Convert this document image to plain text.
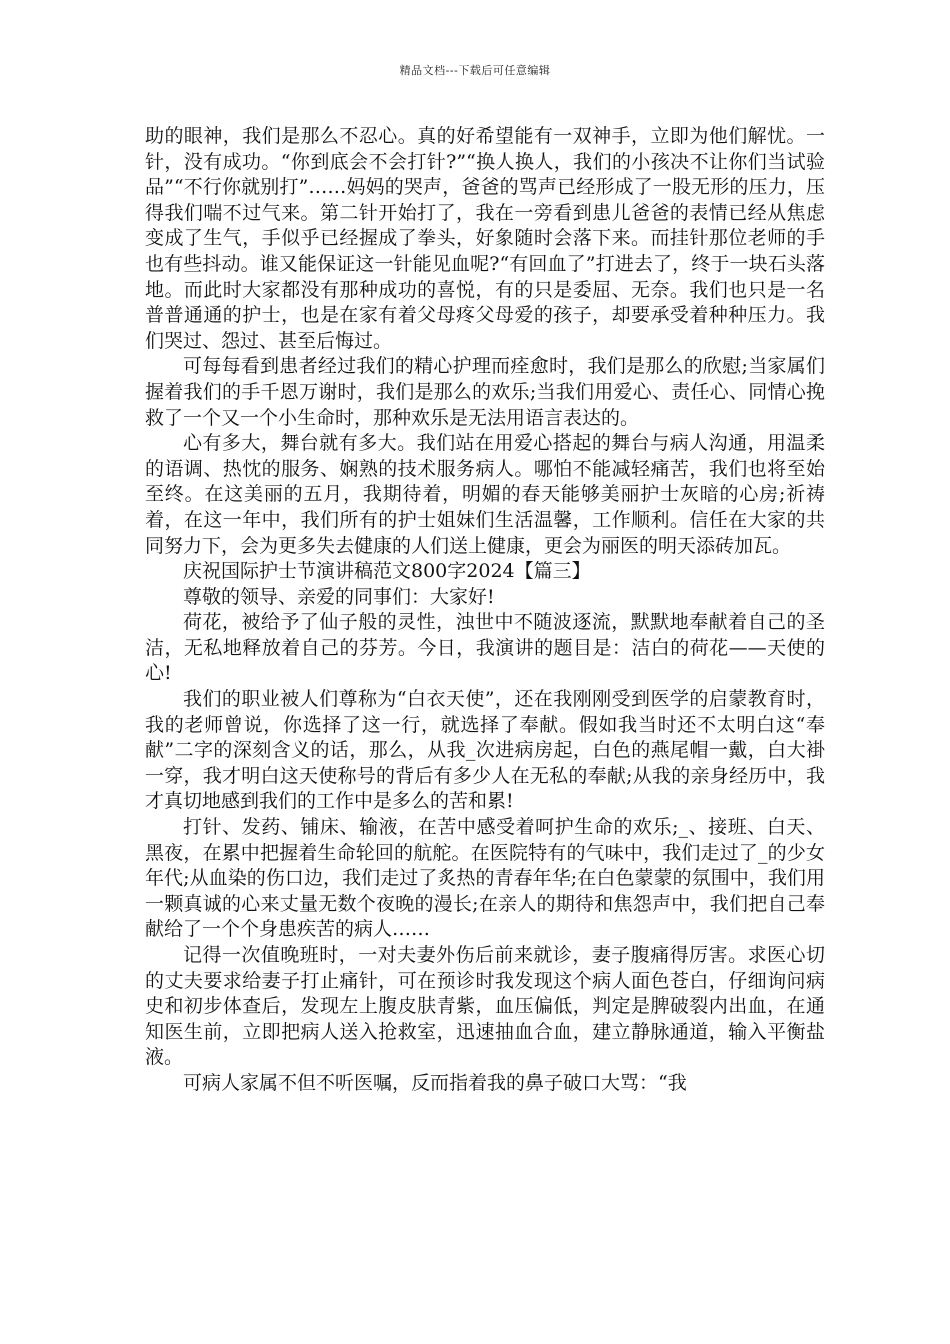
精品文档---下载后可任意编辑

助的眼神，我们是那么不忍心。真的好希望能有一双神手，立即为他们解忧。一针，没有成功。“你到底会不会打针?”“换人换人，我们的小孩决不让你们当试验品”“不行你就别打”……妈妈的哭声，爸爸的骂声已经形成了一股无形的压力，压得我们喘不过气来。第二针开始打了，我在一旁看到患儿爸爸的表情已经从焦虑变成了生气，手似乎已经握成了拳头，好象随时会落下来。而挂针那位老师的手也有些抖动。谁又能保证这一针能见血呢?“有回血了”打进去了，终于一块石头落地。而此时大家都没有那种成功的喜悦，有的只是委屈、无奈。我们也只是一名普普通通的护士，也是在家有着父母疼父母爱的孩子，却要承受着种种压力。我们哭过、怨过、甚至后悔过。

可每每看到患者经过我们的精心护理而痊愈时，我们是那么的欣慰;当家属们握着我们的手千恩万谢时，我们是那么的欢乐;当我们用爱心、责任心、同情心挽救了一个又一个小生命时，那种欢乐是无法用语言表达的。

心有多大，舞台就有多大。我们站在用爱心搭起的舞台与病人沟通，用温柔的语调、热忱的服务、娴熟的技术服务病人。哪怕不能减轻痛苦，我们也将至始至终。在这美丽的五月，我期待着，明媚的春天能够美丽护士灰暗的心房;祈祷着，在这一年中，我们所有的护士姐妹们生活温馨，工作顺利。信任在大家的共同努力下，会为更多失去健康的人们送上健康，更会为丽医的明天添砖加瓦。

庆祝国际护士节演讲稿范文800字2024【篇三】

尊敬的领导、亲爱的同事们：大家好!

荷花，被给予了仙子般的灵性，浊世中不随波逐流，默默地奉献着自己的圣洁，无私地释放着自己的芬芳。今日，我演讲的题目是：洁白的荷花——天使的心!

我们的职业被人们尊称为“白衣天使”，还在我刚刚受到医学的启蒙教育时，我的老师曾说，你选择了这一行，就选择了奉献。假如我当时还不太明白这“奉献”二字的深刻含义的话，那么，从我_次进病房起，白色的燕尾帽一戴，白大褂一穿，我才明白这天使称号的背后有多少人在无私的奉献;从我的亲身经历中，我才真切地感到我们的工作中是多么的苦和累!

打针、发药、铺床、输液，在苦中感受着呵护生命的欢乐;_、接班、白天、黑夜，在累中把握着生命轮回的航舵。在医院特有的气味中，我们走过了_的少女年代;从血染的伤口边，我们走过了炙热的青春年华;在白色蒙蒙的氛围中，我们用一颗真诚的心来丈量无数个夜晚的漫长;在亲人的期待和焦怨声中，我们把自己奉献给了一个个身患疾苦的病人……

记得一次值晚班时，一对夫妻外伤后前来就诊，妻子腹痛得厉害。求医心切的丈夫要求给妻子打止痛针，可在预诊时我发现这个病人面色苍白，仔细询问病史和初步体查后，发现左上腹皮肤青紫，血压偏低，判定是脾破裂内出血，在通知医生前，立即把病人送入抢救室，迅速抽血合血，建立静脉通道，输入平衡盐液。

可病人家属不但不听医嘱，反而指着我的鼻子破口大骂：“我
